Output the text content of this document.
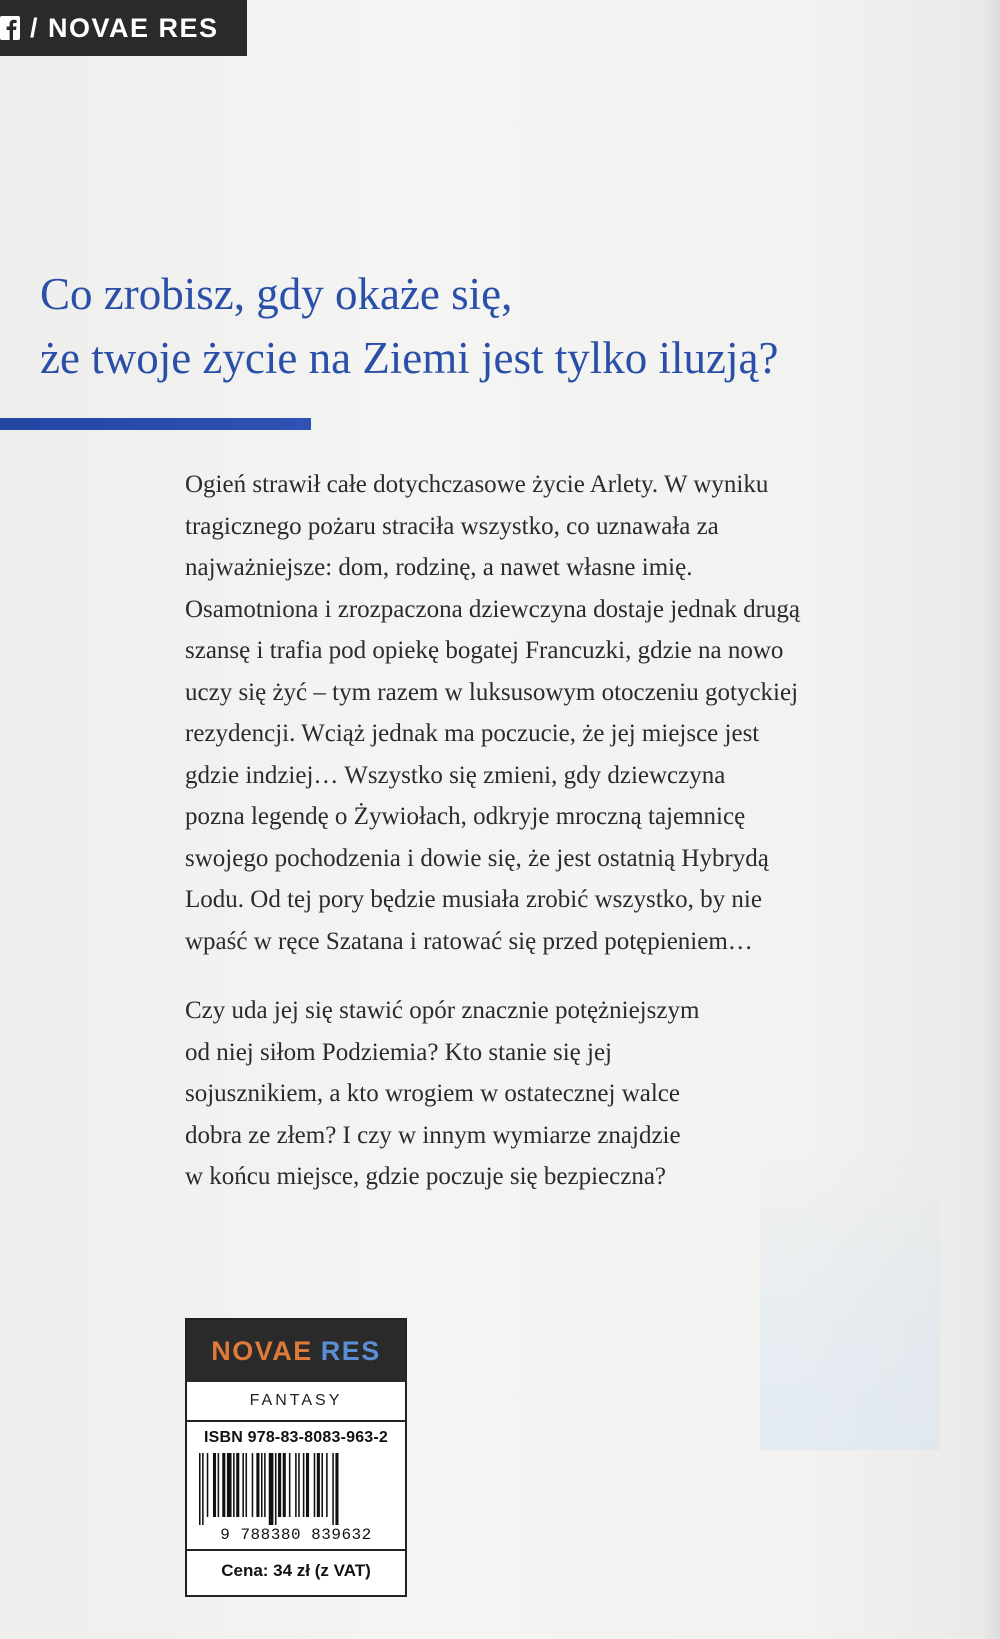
/ NOVAE RES
Co zrobisz, gdy okaże się,
że twoje życie na Ziemi jest tylko iluzją?
Ogień strawił całe dotychczasowe życie Arlety. W wyniku
tragicznego pożaru straciła wszystko, co uznawała za
najważniejsze: dom, rodzinę, a nawet własne imię.
Osamotniona i zrozpaczona dziewczyna dostaje jednak drugą
szansę i trafia pod opiekę bogatej Francuzki, gdzie na nowo
uczy się żyć – tym razem w luksusowym otoczeniu gotyckiej
rezydencji. Wciąż jednak ma poczucie, że jej miejsce jest
gdzie indziej… Wszystko się zmieni, gdy dziewczyna
pozna legendę o Żywiołach, odkryje mroczną tajemnicę
swojego pochodzenia i dowie się, że jest ostatnią Hybrydą
Lodu. Od tej pory będzie musiała zrobić wszystko, by nie
wpaść w ręce Szatana i ratować się przed potępieniem…
Czy uda jej się stawić opór znacznie potężniejszym
od niej siłom Podziemia? Kto stanie się jej
sojusznikiem, a kto wrogiem w ostatecznej walce
dobra ze złem? I czy w innym wymiarze znajdzie
w końcu miejsce, gdzie poczuje się bezpieczna?
NOVAE RES
FANTASY
ISBN 978-83-8083-963-2
9 788380 839632
Cena: 34 zł (z VAT)
